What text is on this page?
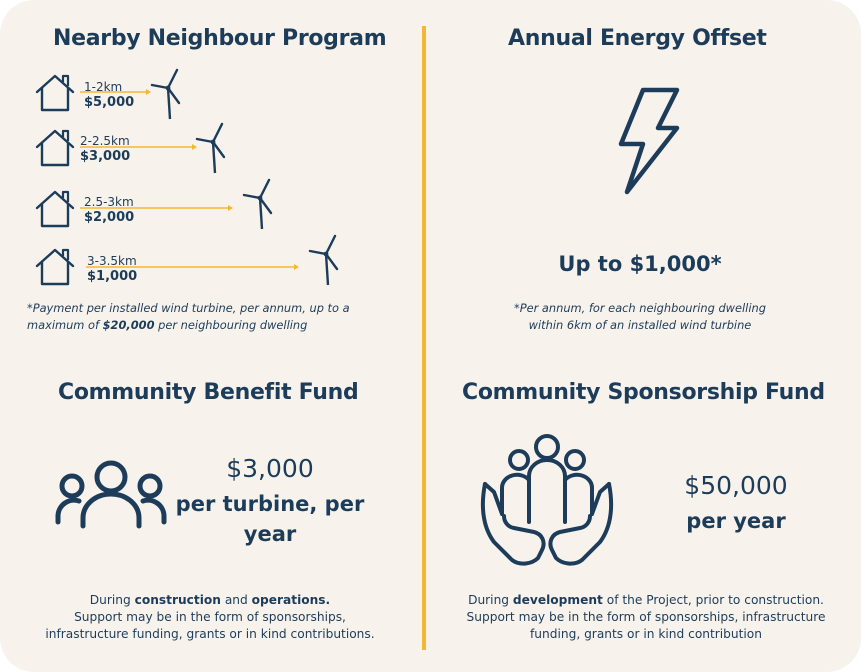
Nearby Neighbour Program
1-2km
$5,000
2-2.5km
$3,000
2.5-3km
$2,000
3-3.5km
$1,000
*Payment per installed wind turbine, per annum, up to a
maximum of $20,000 per neighbouring dwelling
Annual Energy Offset
Up to $1,000*
*Per annum, for each neighbouring dwelling
within 6km of an installed wind turbine
Community Benefit Fund
$3,000
per turbine, per
year
During construction and operations.
Support may be in the form of sponsorships,
infrastructure funding, grants or in kind contributions.
Community Sponsorship Fund
$50,000
per year
During development of the Project, prior to construction.
Support may be in the form of sponsorships, infrastructure
funding, grants or in kind contribution
